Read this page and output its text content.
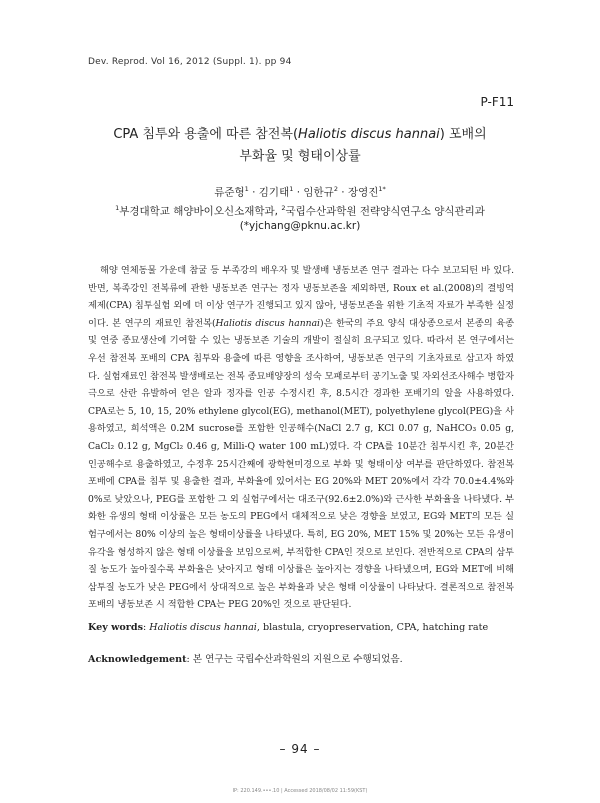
Dev. Reprod. Vol 16, 2012 (Suppl. 1). pp 94
P-F11
CPA 침투와 용출에 따른 참전복(Haliotis discus hannai) 포배의
부화율 및 형태이상률
류준형$^1$ · 김기태$^1$ · 임한규$^2$ · 장영진$^{1*}$
$^1$부경대학교 해양바이오신소재학과, $^2$국립수산과학원 전략양식연구소 양식관리과
(*yjchang@pknu.ac.kr)

해양 연체동물 가운데 참굴 등 부족강의 배우자 및 발생배 냉동보존 연구 결과는 다수 보고되틴 바 있다. 반면, 복족강인 전복류에 관한 냉동보존 연구는 정자 냉동보존을 제외하면, Roux et al.(2008)의 결빙억제제(CPA) 침투실험 외에 더 이상 연구가 진행되고 있지 않아, 냉동보존을 위한 기초적 자료가 부족한 실정이다. 본 연구의 재료인 참전복(Haliotis discus hannai)은 한국의 주요 양식 대상종으로서 본종의 육종 및 연중 종묘생산에 기여할 수 있는 냉동보존 기술의 개발이 절실히 요구되고 있다. 따라서 본 연구에서는 우선 참전복 포배의 CPA 침투와 용출에 따른 영향을 조사하여, 냉동보존 연구의 기초자료로 삼고자 하였다. 실험재료인 참전복 발생배로는 전복 종묘배양장의 성숙 모패로부터 공기노출 및 자외선조사해수 병합자극으로 산란 유발하여 얻은 알과 정자를 인공 수정시킨 후, 8.5시간 경과한 포배기의 알을 사용하였다. CPA로는 5, 10, 15, 20% ethylene glycol(EG), methanol(MET), polyethylene glycol(PEG)을 사용하였고, 희석액은 0.2M sucrose를 포함한 인공해수(NaCl 2.7 g, KCl 0.07 g, NaHCO₃ 0.05 g, CaCl₂ 0.12 g, MgCl₂ 0.46 g, Milli-Q water 100 mL)였다. 각 CPA를 10분간 침투시킨 후, 20분간 인공해수로 용출하였고, 수정후 25시간째에 광학현미경으로 부화 및 형태이상 여부를 판단하였다. 참전복 포배에 CPA를 침투 및 용출한 결과, 부화율에 있어서는 EG 20%와 MET 20%에서 각각 70.0±4.4%와 0%로 낮았으나, PEG를 포함한 그 외 실험구에서는 대조구(92.6±2.0%)와 근사한 부화율을 나타냈다. 부화한 유생의 형태 이상률은 모든 농도의 PEG에서 대체적으로 낮은 경향을 보였고, EG와 MET의 모든 실험구에서는 80% 이상의 높은 형태이상률을 나타냈다. 특히, EG 20%, MET 15% 및 20%는 모든 유생이 유각을 형성하지 않은 형태 이상률을 보임으로써, 부적합한 CPA인 것으로 보인다. 전반적으로 CPA의 삼투질 농도가 높아질수록 부화율은 낮아지고 형태 이상률은 높아지는 경향을 나타냈으며, EG와 MET에 비해 삼투질 농도가 낮은 PEG에서 상대적으로 높은 부화율과 낮은 형태 이상률이 나타났다. 결론적으로 참전복 포배의 냉동보존 시 적합한 CPA는 PEG 20%인 것으로 판단된다.

Key words: Haliotis discus hannai, blastula, cryopreservation, CPA, hatching rate

Acknowledgement: 본 연구는 국립수산과학원의 지원으로 수행되었음.

– 94 –
IP: 220.149.•••.10 | Accessed 2018/08/02 11:59(KST)
